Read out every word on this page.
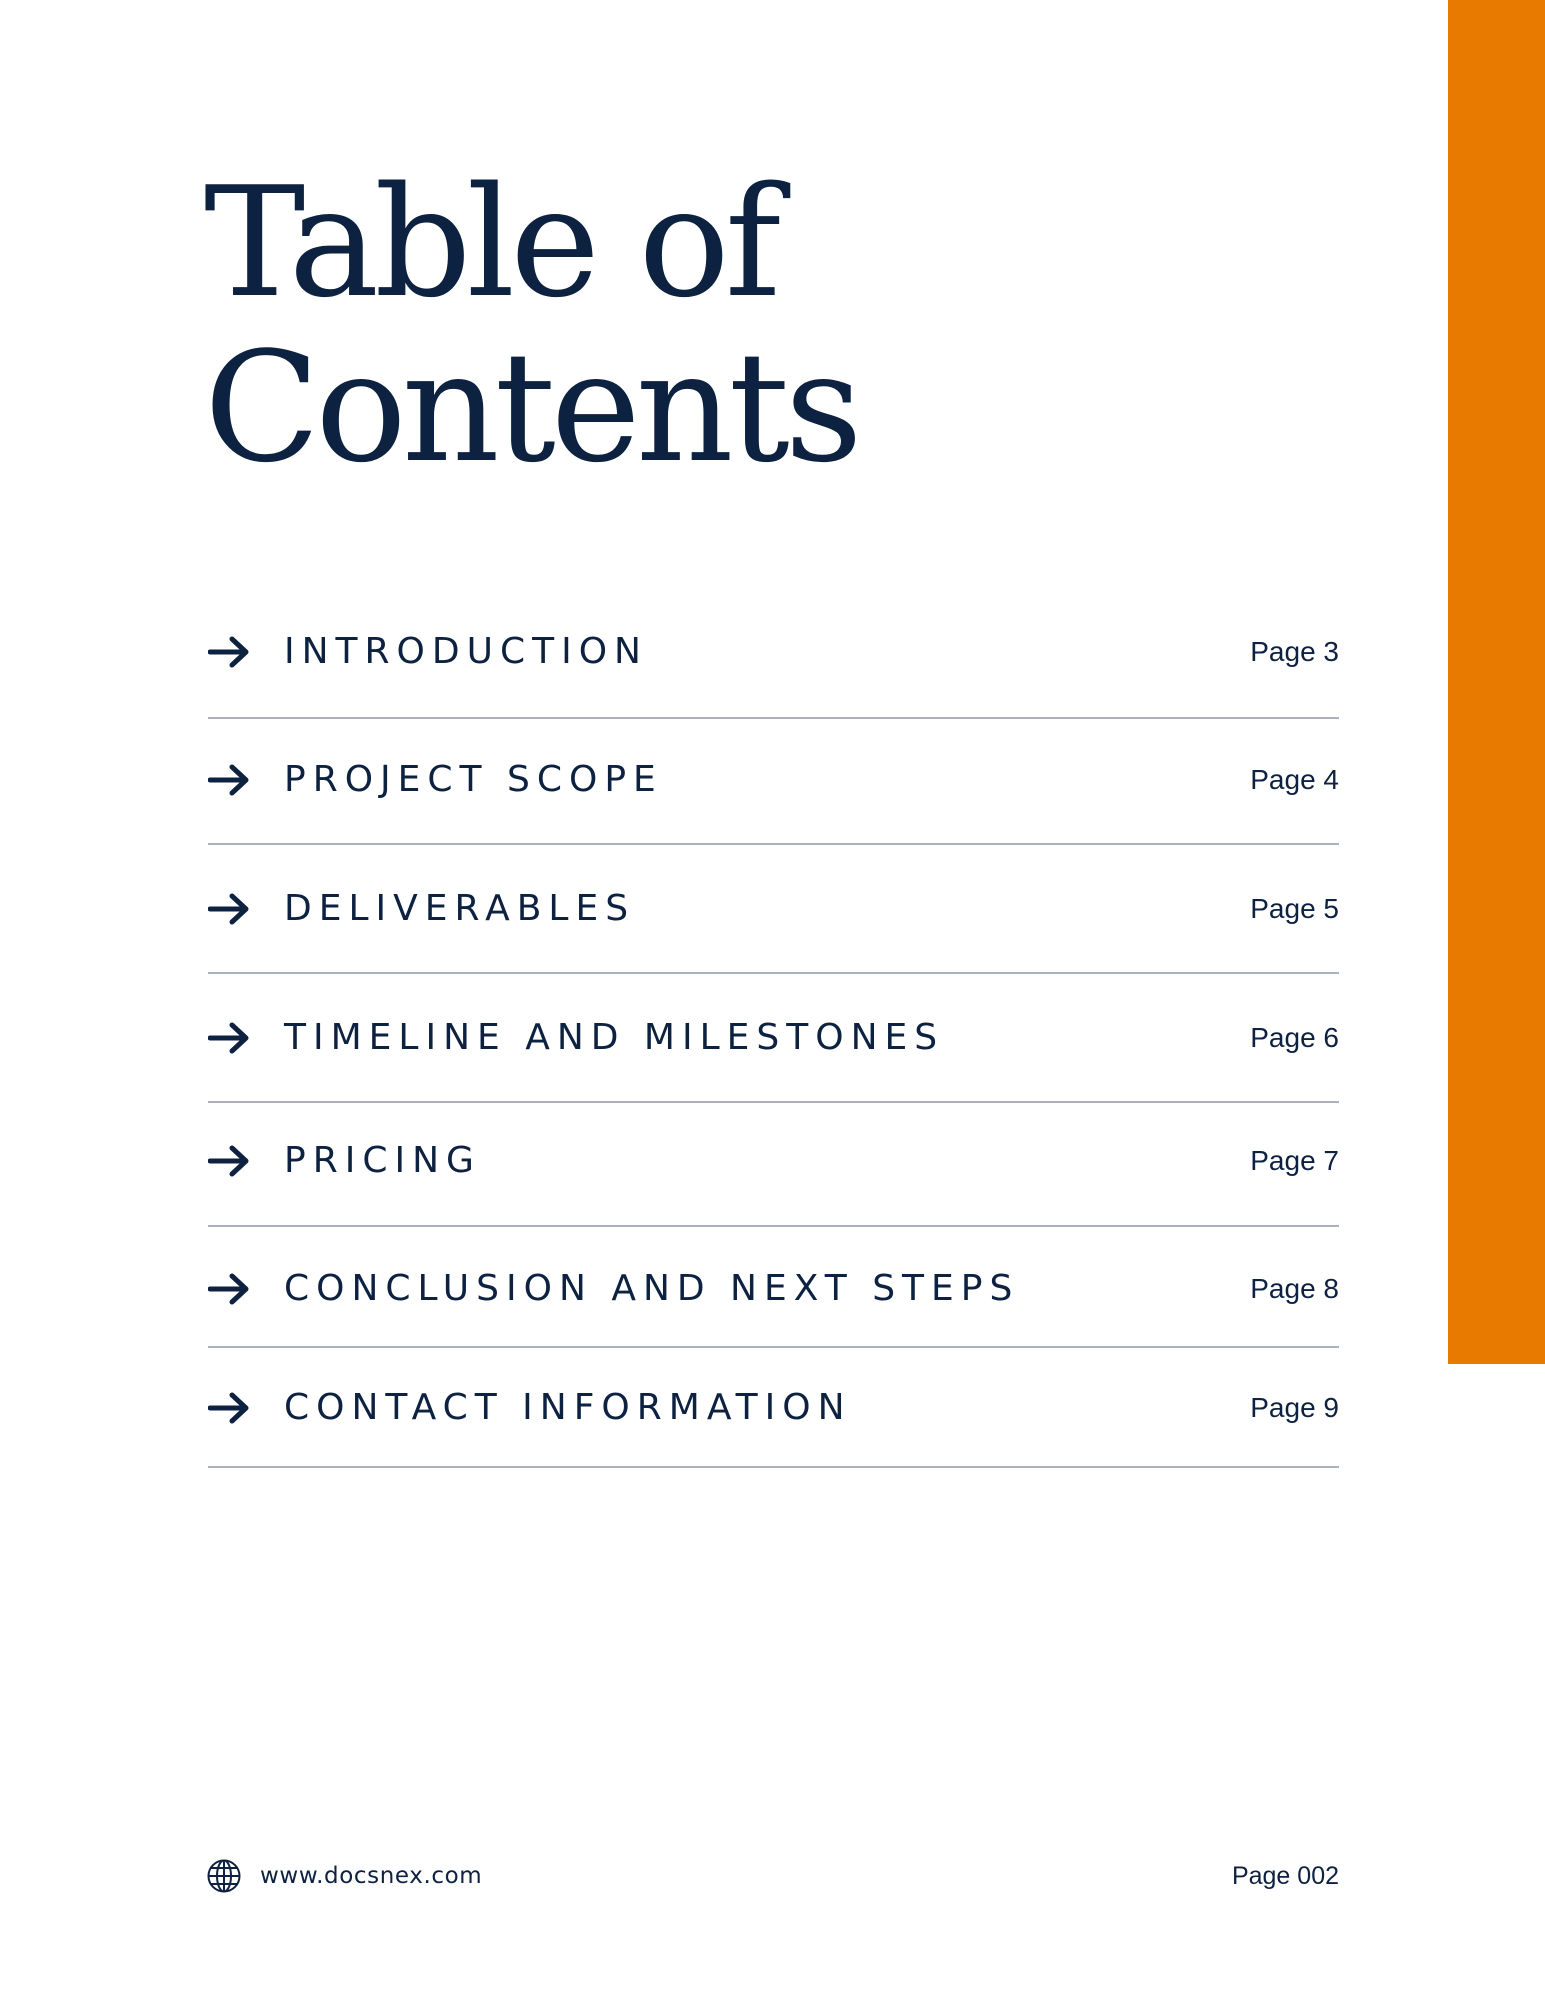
Table of
Contents
INTRODUCTION	Page 3
PROJECT SCOPE	Page 4
DELIVERABLES	Page 5
TIMELINE AND MILESTONES	Page 6
PRICING	Page 7
CONCLUSION AND NEXT STEPS	Page 8
CONTACT INFORMATION	Page 9
www.docsnex.com	Page 002
